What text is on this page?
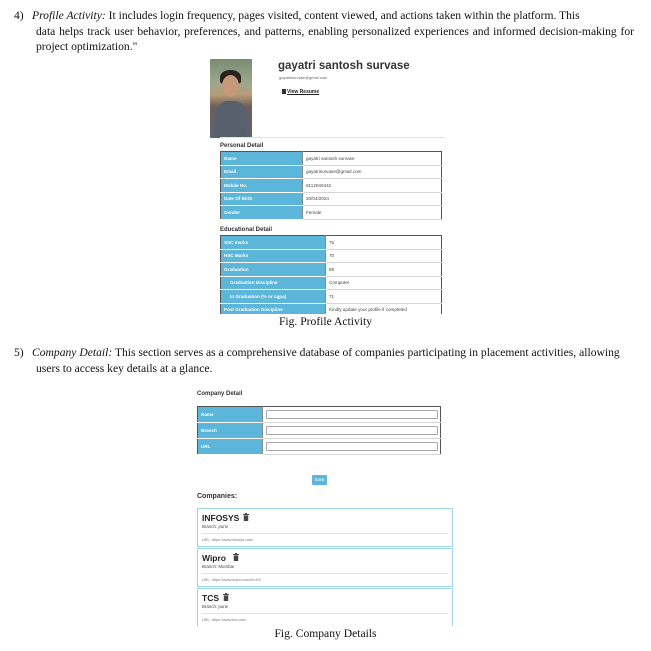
4) Profile Activity: It includes login frequency, pages visited, content viewed, and actions taken within the platform. This
data helps track user behavior, preferences, and patterns, enabling personalized experiences and informed decision-making for project optimization."
gayatri santosh survase
gayatrisurvase@gmail.com
View Resume
Personal Detail
Name	gayatri santosh survase
Email	gayatrisurvase@gmail.com
Mobile No.	9112040442
Date Of Birth	20/04/2024
Gender	Female
Educational Detail
SSC marks	75
HSC Marks	70
Graduation	88
Graduation Discipline	Computer
In Graduation (% or cgpa)	71
Post Graduation Discipline	Kindly update your profile if completed
Fig. Profile Activity
5) Company Detail: This section serves as a comprehensive database of companies participating in placement activities, allowing
users to access key details at a glance.
Company Detail
Name	

Branch	

URL	
Save
Companies:
INFOSYS
Branch: pune
URL: https://www.infosys.com/
Wipro
Branch: Mumbai
URL: https://www.wipro.com/en-IN/
TCS
Branch: pune
URL: https://www.tcs.com/
Fig. Company Details
